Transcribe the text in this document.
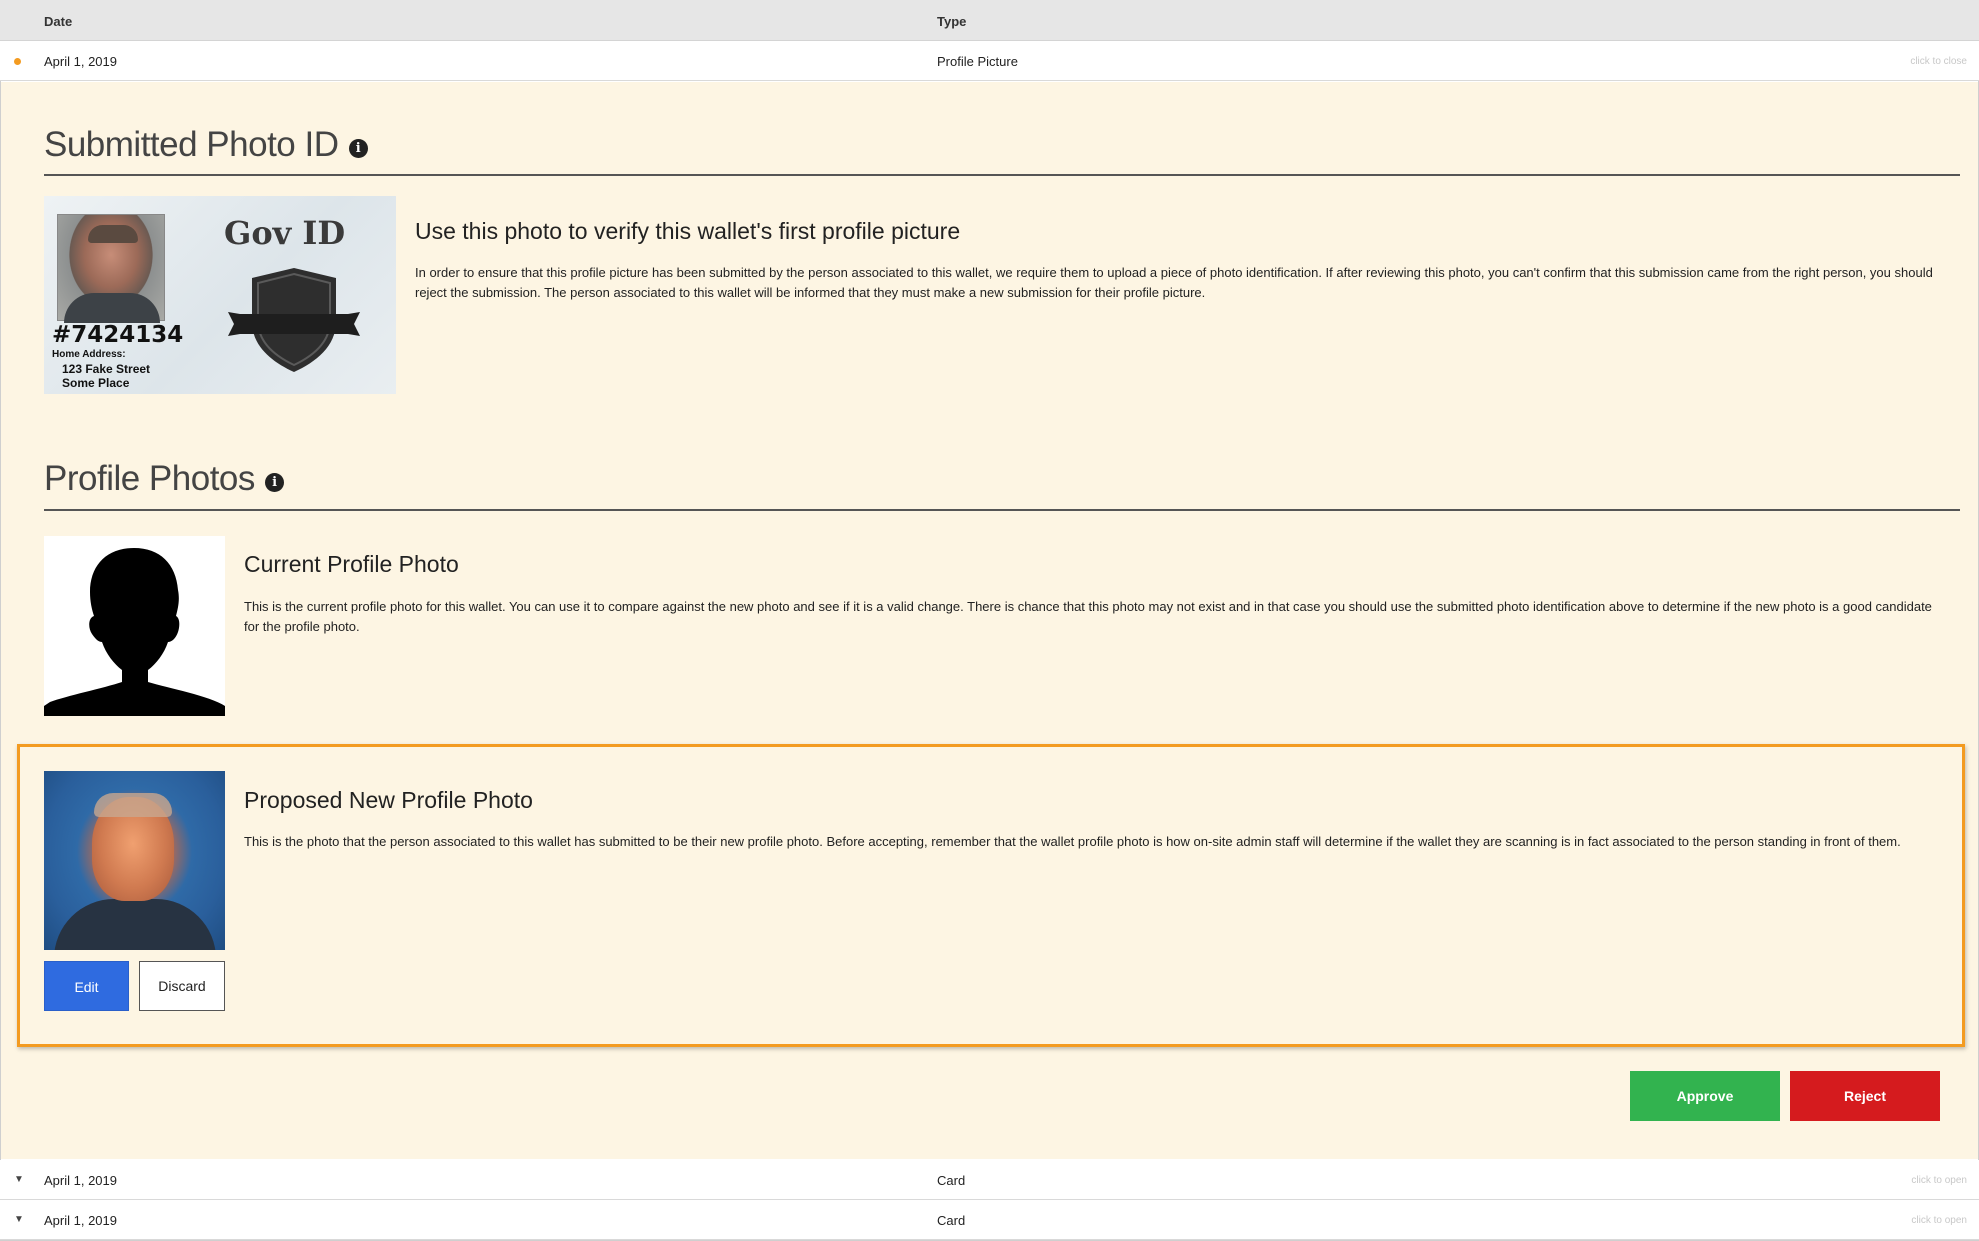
Date	Type
April 1, 2019	Profile Picture	click to close
Submitted Photo ID i
Gov ID
#7424134
Home Address:
123 Fake Street
Some Place
Use this photo to verify this wallet's first profile picture
In order to ensure that this profile picture has been submitted by the person associated to this wallet, we require them to upload a piece of photo identification. If after reviewing this photo, you can't confirm that this submission came from the right person, you should reject the submission. The person associated to this wallet will be informed that they must make a new submission for their profile picture.
Profile Photos i
Current Profile Photo
This is the current profile photo for this wallet. You can use it to compare against the new photo and see if it is a valid change. There is chance that this photo may not exist and in that case you should use the submitted photo identification above to determine if the new photo is a good candidate for the profile photo.
Proposed New Profile Photo
This is the photo that the person associated to this wallet has submitted to be their new profile photo. Before accepting, remember that the wallet profile photo is how on-site admin staff will determine if the wallet they are scanning is in fact associated to the person standing in front of them.
Edit	Discard
Approve	Reject
▼ April 1, 2019	Card	click to open
▼ April 1, 2019	Card	click to open
